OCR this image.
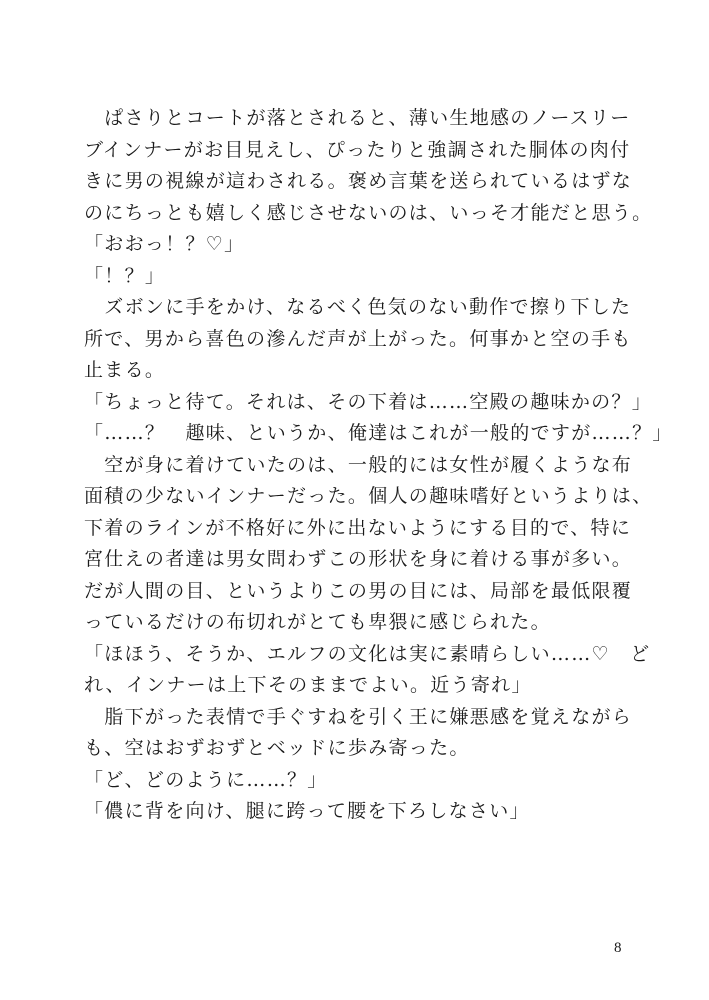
　ぱさりとコートが落とされると、薄い生地感のノースリー
ブインナーがお目見えし、ぴったりと強調された胴体の肉付
きに男の視線が這わされる。褒め言葉を送られているはずな
のにちっとも嬉しく感じさせないのは、いっそ才能だと思う。
「おおっ！？♡」
「！？」
　ズボンに手をかけ、なるべく色気のない動作で擦り下した
所で、男から喜色の滲んだ声が上がった。何事かと空の手も
止まる。
「ちょっと待て。それは、その下着は……空殿の趣味かの？」
「……？　趣味、というか、俺達はこれが一般的ですが……？」
　空が身に着けていたのは、一般的には女性が履くような布
面積の少ないインナーだった。個人の趣味嗜好というよりは、
下着のラインが不格好に外に出ないようにする目的で、特に
宮仕えの者達は男女問わずこの形状を身に着ける事が多い。
だが人間の目、というよりこの男の目には、局部を最低限覆
っているだけの布切れがとても卑猥に感じられた。
「ほほう、そうか、エルフの文化は実に素晴らしい……♡　ど
れ、インナーは上下そのままでよい。近う寄れ」
　脂下がった表情で手ぐすねを引く王に嫌悪感を覚えながら
も、空はおずおずとベッドに歩み寄った。
「ど、どのように……？」
「儂に背を向け、腿に跨って腰を下ろしなさい」
8
